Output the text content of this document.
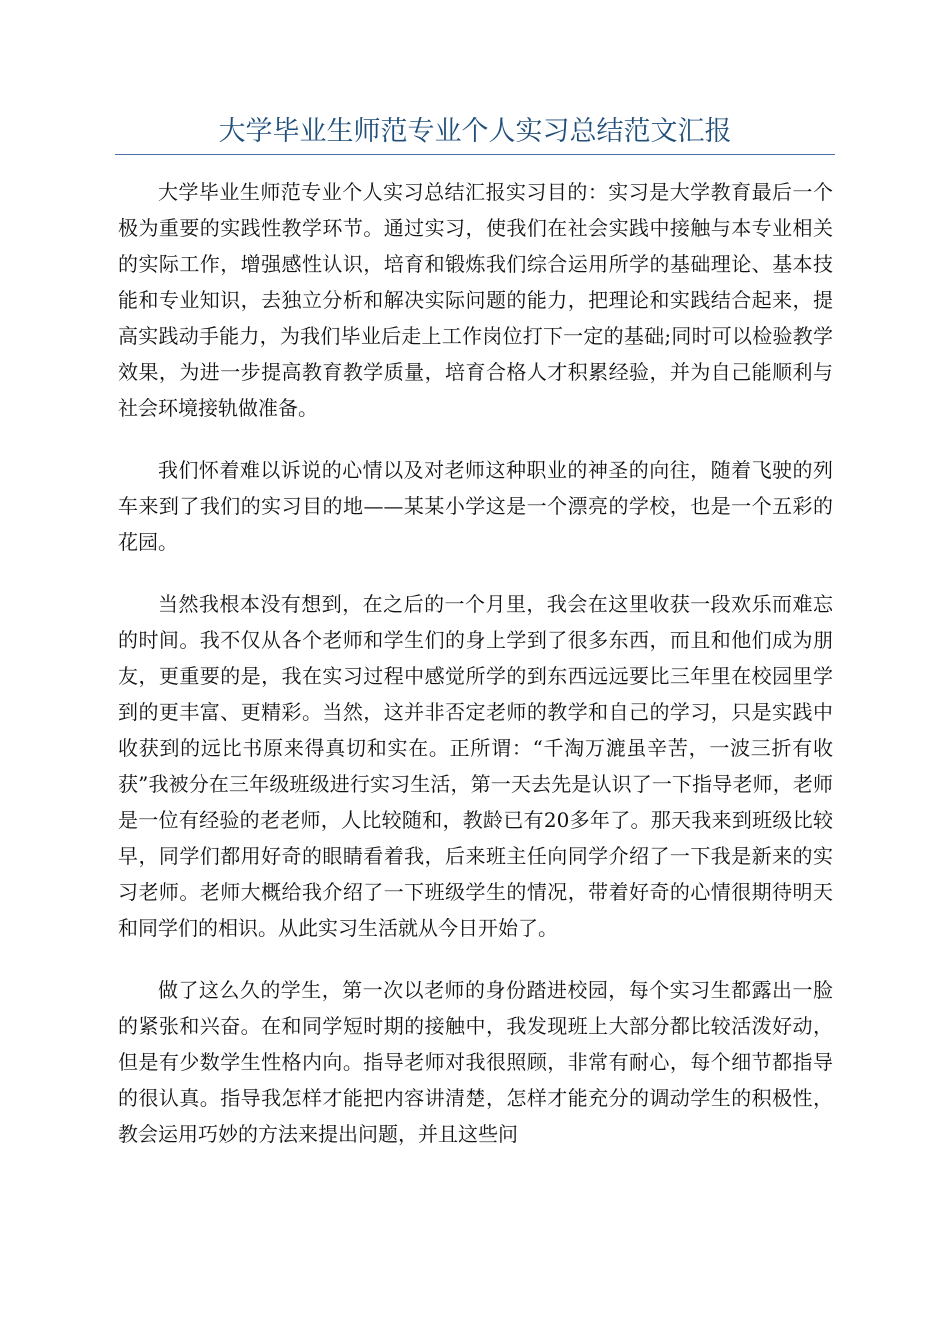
大学毕业生师范专业个人实习总结范文汇报

大学毕业生师范专业个人实习总结汇报实习目的：实习是大学教育最后一个极为重要的实践性教学环节。通过实习，使我们在社会实践中接触与本专业相关的实际工作，增强感性认识，培育和锻炼我们综合运用所学的基础理论、基本技能和专业知识，去独立分析和解决实际问题的能力，把理论和实践结合起来，提高实践动手能力，为我们毕业后走上工作岗位打下一定的基础;同时可以检验教学效果，为进一步提高教育教学质量，培育合格人才积累经验，并为自己能顺利与社会环境接轨做准备。

我们怀着难以诉说的心情以及对老师这种职业的神圣的向往，随着飞驶的列车来到了我们的实习目的地——某某小学这是一个漂亮的学校，也是一个五彩的花园。

当然我根本没有想到，在之后的一个月里，我会在这里收获一段欢乐而难忘的时间。我不仅从各个老师和学生们的身上学到了很多东西，而且和他们成为朋友，更重要的是，我在实习过程中感觉所学的到东西远远要比三年里在校园里学到的更丰富、更精彩。当然，这并非否定老师的教学和自己的学习，只是实践中收获到的远比书原来得真切和实在。正所谓：“千淘万漉虽辛苦，一波三折有收获”我被分在三年级班级进行实习生活，第一天去先是认识了一下指导老师，老师是一位有经验的老老师，人比较随和，教龄已有20多年了。那天我来到班级比较早，同学们都用好奇的眼睛看着我，后来班主任向同学介绍了一下我是新来的实习老师。老师大概给我介绍了一下班级学生的情况，带着好奇的心情很期待明天和同学们的相识。从此实习生活就从今日开始了。

做了这么久的学生，第一次以老师的身份踏进校园，每个实习生都露出一脸的紧张和兴奋。在和同学短时期的接触中，我发现班上大部分都比较活泼好动，但是有少数学生性格内向。指导老师对我很照顾，非常有耐心，每个细节都指导的很认真。指导我怎样才能把内容讲清楚，怎样才能充分的调动学生的积极性，教会运用巧妙的方法来提出问题，并且这些问
